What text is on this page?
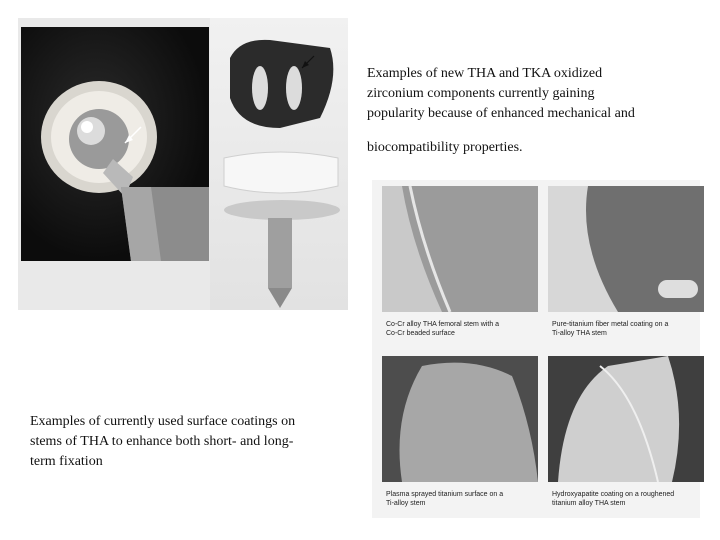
Examples of new THA and TKA oxidized
zirconium components currently gaining
popularity because of enhanced mechanical and
biocompatibility properties.
Co-Cr alloy THA femoral stem with a
Co-Cr beaded surface
Pure-titanium fiber metal coating on a
Ti-alloy THA stem
Plasma sprayed titanium surface on a
Ti-alloy stem
Hydroxyapatite coating on a roughened
titanium alloy THA stem
Examples of currently used surface coatings on
stems of THA to enhance both short- and long-
term fixation
